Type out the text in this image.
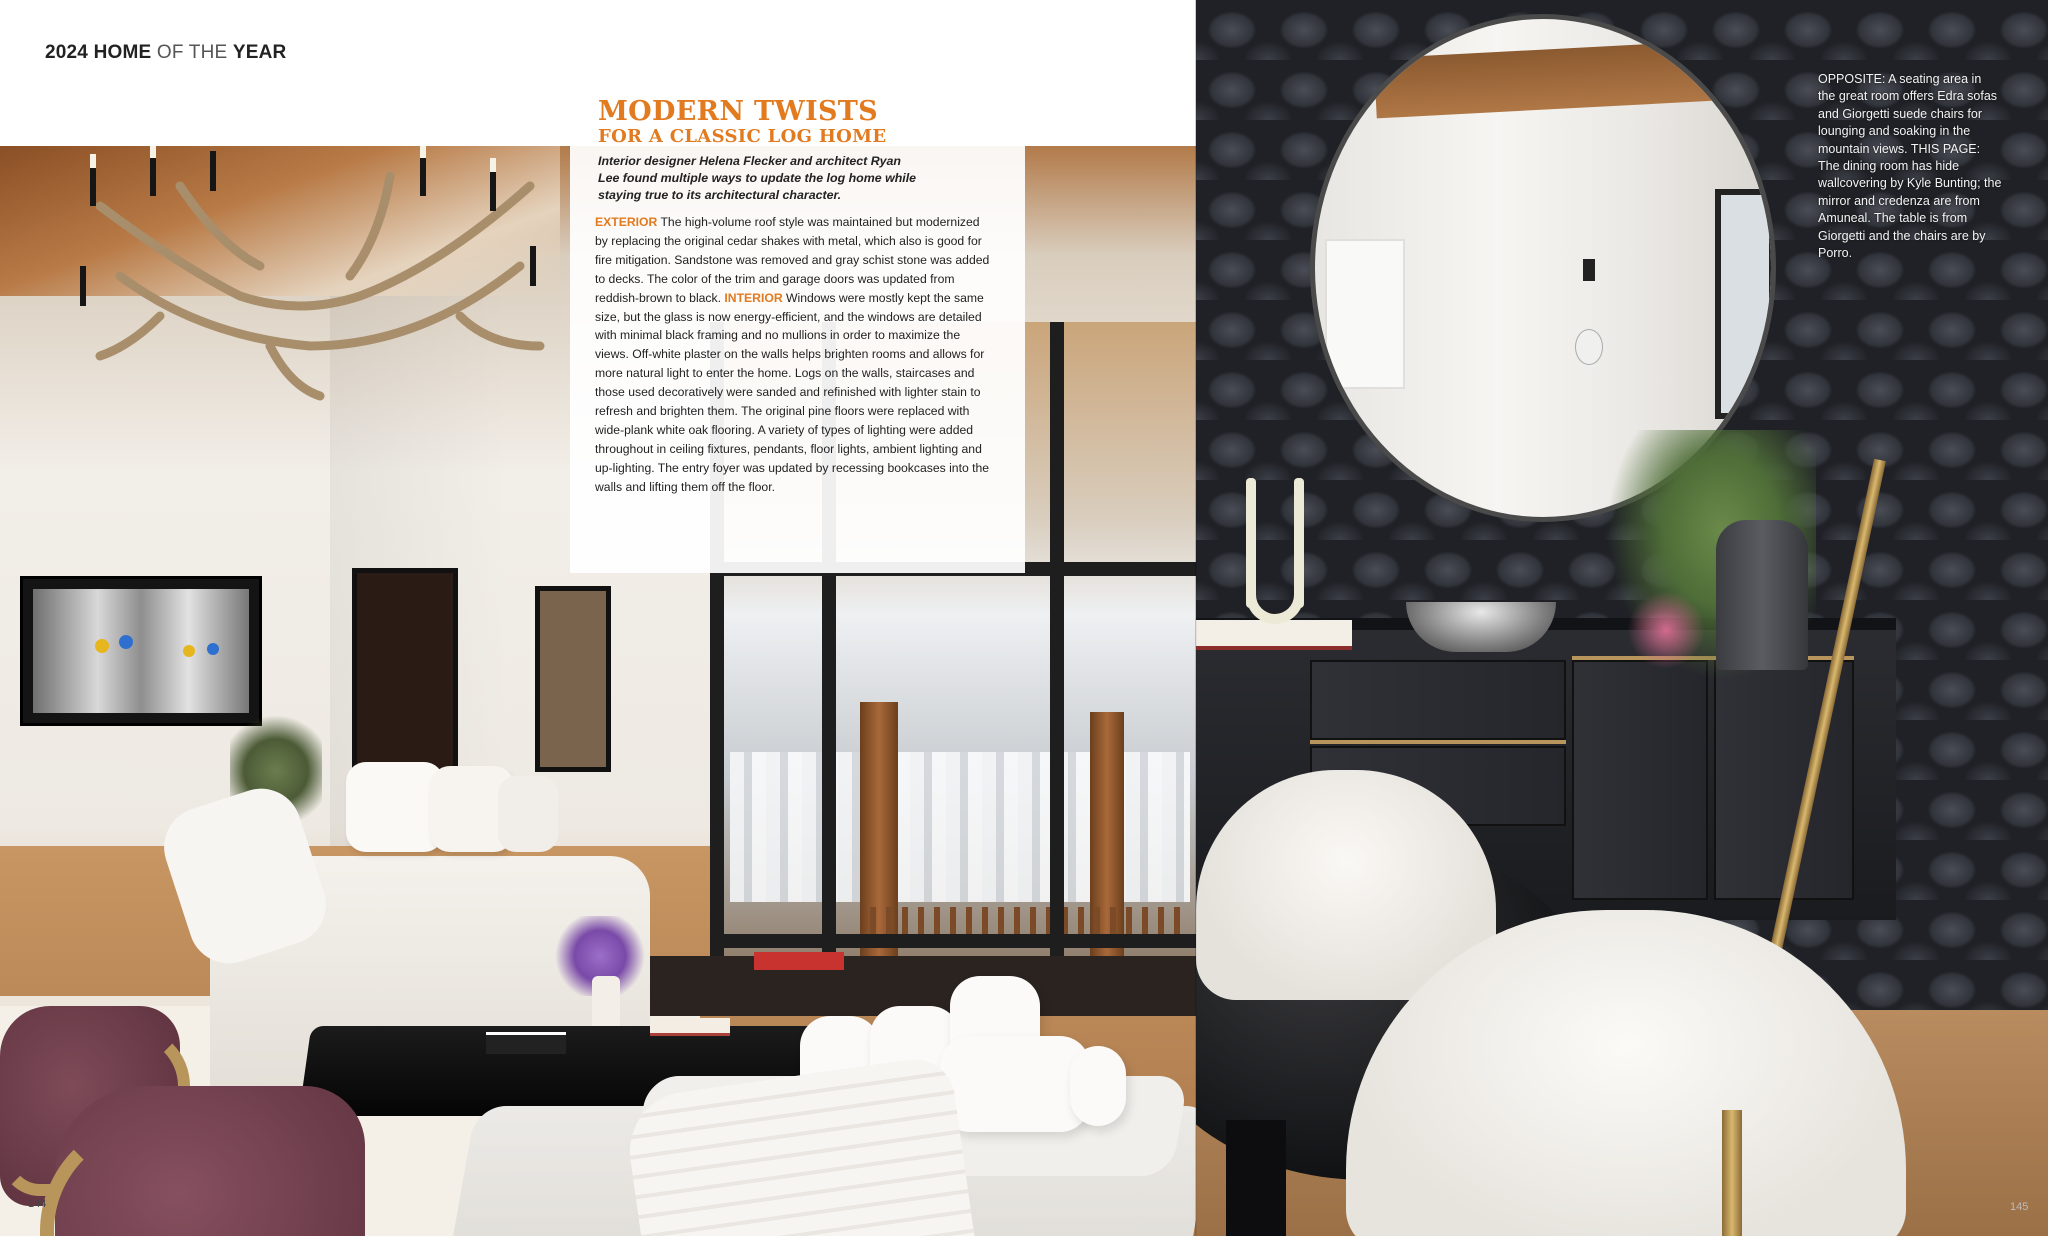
2024 HOME OF THE YEAR
MODERN TWISTS
FOR A CLASSIC LOG HOME
Interior designer Helena Flecker and architect Ryan Lee found multiple ways to update the log home while staying true to its architectural character.
EXTERIOR The high-volume roof style was maintained but modernized by replacing the original cedar shakes with metal, which also is good for fire mitigation. Sandstone was removed and gray schist stone was added to decks. The color of the trim and garage doors was updated from reddish-brown to black. INTERIOR Windows were mostly kept the same size, but the glass is now energy-efficient, and the windows are detailed with minimal black framing and no mullions in order to maximize the views. Off-white plaster on the walls helps brighten rooms and allows for more natural light to enter the home. Logs on the walls, staircases and those used decoratively were sanded and refinished with lighter stain to refresh and brighten them. The original pine floors were replaced with wide-plank white oak flooring. A variety of types of lighting were added throughout in ceiling fixtures, pendants, floor lights, ambient lighting and up-lighting. The entry foyer was updated by recessing bookcases into the walls and lifting them off the floor.
144
OPPOSITE: A seating area in the great room offers Edra sofas and Giorgetti suede chairs for lounging and soaking in the mountain views. THIS PAGE: The dining room has hide wallcovering by Kyle Bunting; the mirror and credenza are from Amuneal. The table is from Giorgetti and the chairs are by Porro.
145
